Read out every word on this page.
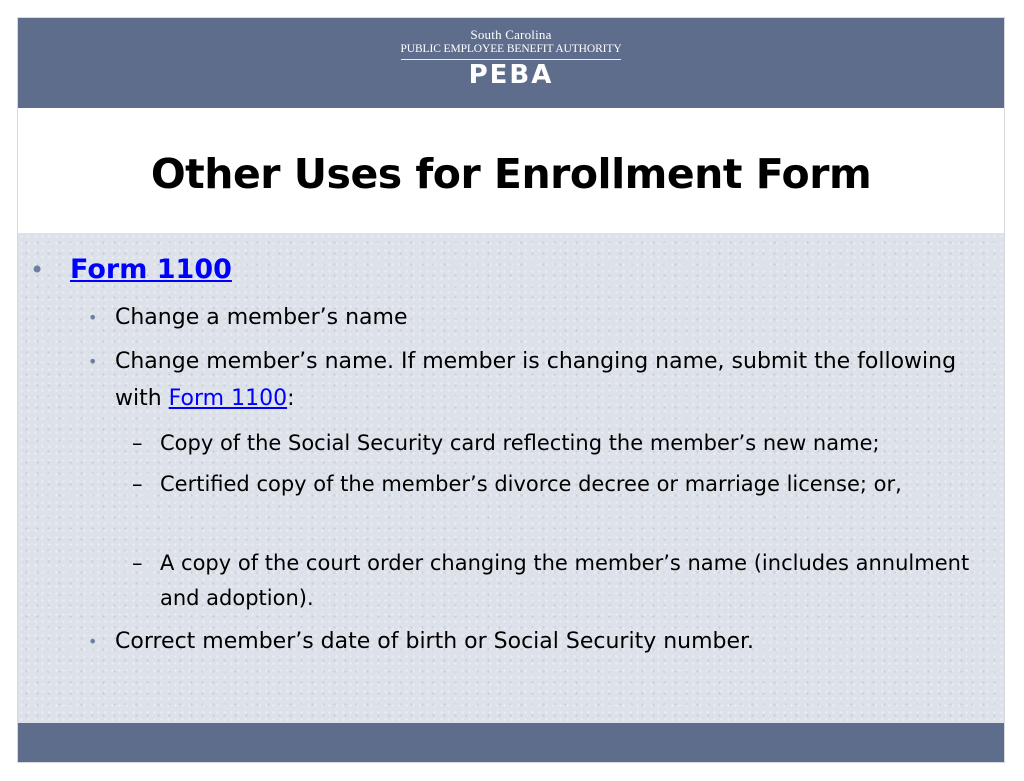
South Carolina
PUBLIC EMPLOYEE BENEFIT AUTHORITY
PEBA
Other Uses for Enrollment Form
• Form 1100
• Change a member’s name
• Change member’s name. If member is changing name, submit the following with Form 1100:
– Copy of the Social Security card reflecting the member’s new name;
– Certified copy of the member’s divorce decree or marriage license; or,
– A copy of the court order changing the member’s name (includes annulment and adoption).
• Correct member’s date of birth or Social Security number.
